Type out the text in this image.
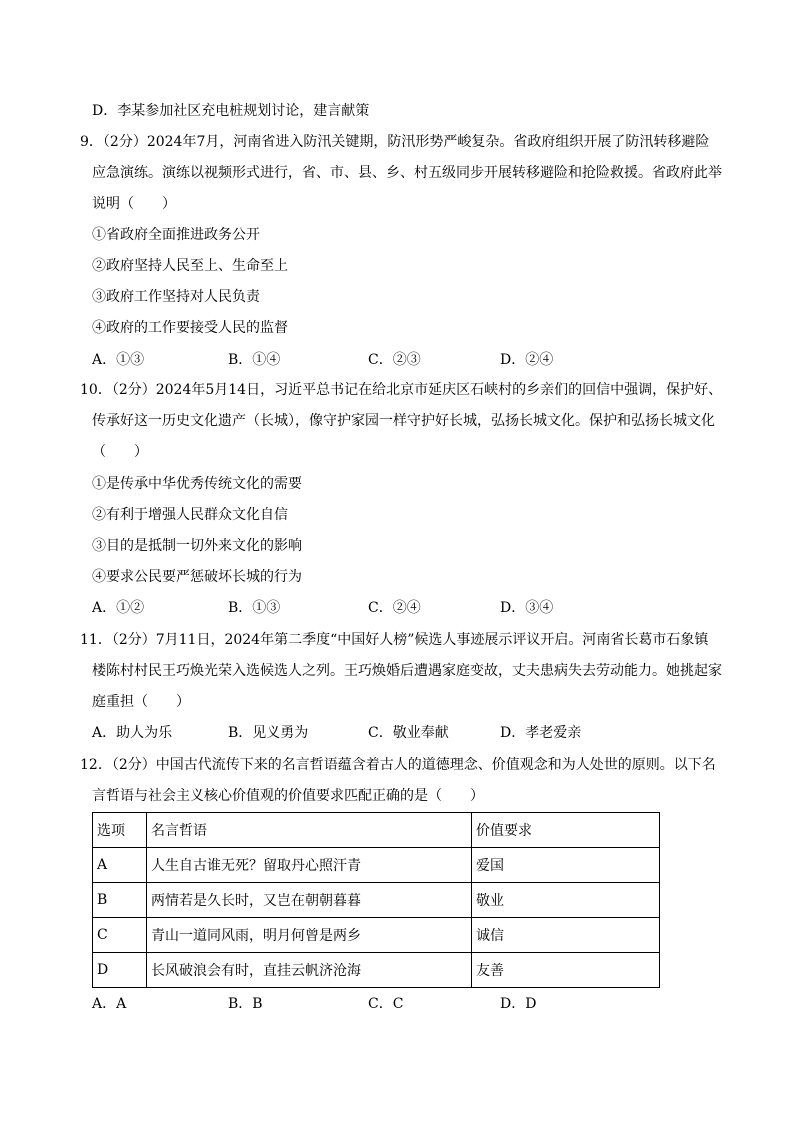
D．李某参加社区充电桩规划讨论，建言献策
9．（2分）2024年7月，河南省进入防汛关键期，防汛形势严峻复杂。省政府组织开展了防汛转移避险
应急演练。演练以视频形式进行，省、市、县、乡、村五级同步开展转移避险和抢险救援。省政府此举
说明（　　）
①省政府全面推进政务公开
②政府坚持人民至上、生命至上
③政府工作坚持对人民负责
④政府的工作要接受人民的监督
10．（2分）2024年5月14日，习近平总书记在给北京市延庆区石峡村的乡亲们的回信中强调，保护好、
传承好这一历史文化遗产（长城），像守护家园一样守护好长城，弘扬长城文化。保护和弘扬长城文化
（　　）
①是传承中华优秀传统文化的需要
②有利于增强人民群众文化自信
③目的是抵制一切外来文化的影响
④要求公民要严惩破坏长城的行为
11．（2分）7月11日，2024年第二季度“中国好人榜”候选人事迹展示评议开启。河南省长葛市石象镇
楼陈村村民王巧焕光荣入选候选人之列。王巧焕婚后遭遇家庭变故，丈夫患病失去劳动能力。她挑起家
庭重担（　　）
12．（2分）中国古代流传下来的名言哲语蕴含着古人的道德理念、价值观念和为人处世的原则。以下名
言哲语与社会主义核心价值观的价值要求匹配正确的是（　　）
A．①③	B．①④	C．②③	D．②④
A．①②	B．①③	C．②④	D．③④
A．助人为乐	B．见义勇为	C．敬业奉献	D．孝老爱亲
A．A	B．B	C．C	D．D
选项	名言哲语	价值要求
A	人生自古谁无死？留取丹心照汗青	爱国
B	两情若是久长时，又岂在朝朝暮暮	敬业
C	青山一道同风雨，明月何曾是两乡	诚信
D	长风破浪会有时，直挂云帆济沧海	友善
